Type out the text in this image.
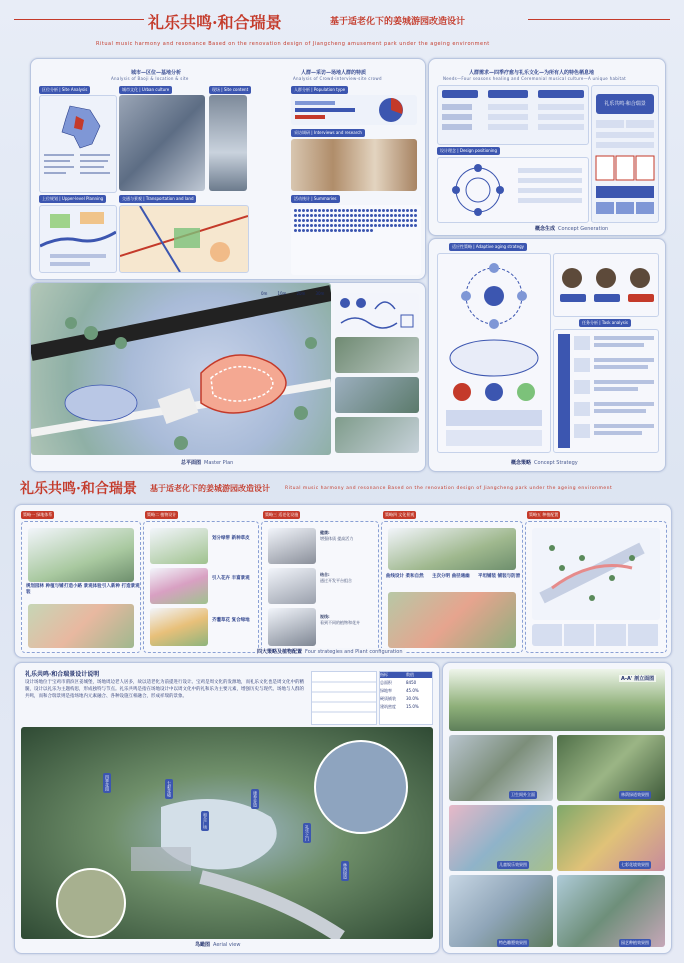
礼乐共鸣·和合瑞景	基于适老化下的姜城游园改造设计
Ritual music harmony and resonance Based on the renovation design of Jiangcheng amusement park under the ageing environment
城市—区位—基地分析
Analysis of Baoji & location & site
人群—采访—场地人群的特质
Analysis of Crowd-interview-site crowd
区位分析 | Site Analysis	城市文化 | Urban culture	现场 | Site content
上位规划 | Upper-level Planning	交通与景观 | Transportation and land
人群分析 | Population type
采访调研 | Interviews and research
活动统计 | Summaries
0m	10m	20m	30m
总平面图 Master Plan
人群需求—四季疗愈与礼乐文化—为所有人的特色栖息地
Needs—Four seasons healing and Ceremonial musical culture—A unique habitat
礼乐共鸣·和合瑞景
设计理念 | Design positioning
概念生成 Concept Generation
适应性策略 | Adaptive aging strategy
任务分析 | Task analysis
概念策略 Concept Strategy
礼乐共鸣·和合瑞景 基于适老化下的姜城游园改造设计	Ritual music harmony and resonance Based on the renovation design of Jiangcheng park under the ageing environment
策略一 绿地体系	策略二 植物设计	策略三 适老化设施	策略四 文化景观	策略五 种植配置
规划园林 种植与铺装
打造小路 景观体验 引入新种 打造景观
划分绿带 新种草皮
引入花卉 丰富景观
齐灌草花 复合绿地
健康:
增强体质 提高活力
结合:
通过开发平台组合
视线:
看到不同的植物和花卉
曲线设计 柔和自然	主次分明 曲径通幽	平坦铺装 铺装与防滑
四大策略及植物配置 Four strategies and Plant configuration
礼乐共鸣·和合瑞景设计说明
设计场地位于宝鸡市渭滨区姜城堡，场地周边老人居多，故以适老化为前提进行设计。宝鸡是周文化的发源地，而礼乐文化也是周文化中的精髓，设计以礼乐为主题构思，形成独特与节点。礼乐共鸣是指在场地设计中以周文化中的礼和乐为主要元素，增强历史与现代、场地与人群的共鸣，而和合瑞景则是指场地内元素融合、各种设施互相融合，形成祥瑞的景象。
指标	数值
总面积	8450
绿地率	45.0%
硬质铺装	30.0%
建筑密度	15.0%
四季花园	七彩花境
和合广场
康养步道
礼乐之门
林荫绿道
鸟瞰图 Aerial view
A-A' 剖立面图
卫生间外立面	林荫绿道效果图
儿童娱乐效果图	七彩花境效果图
特色雕塑效果图	园艺种植效果图
